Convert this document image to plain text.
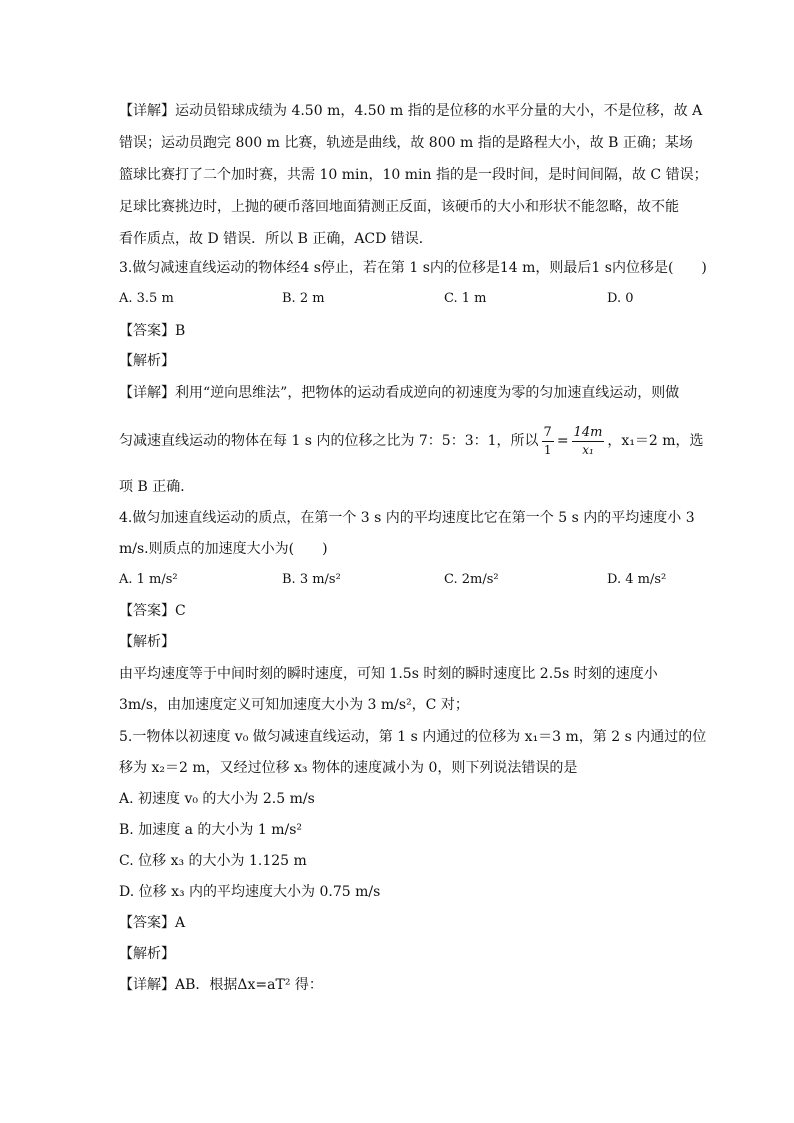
【详解】运动员铅球成绩为 4.50 m，4.50 m 指的是位移的水平分量的大小，不是位移，故 A
错误；运动员跑完 800 m 比赛，轨迹是曲线，故 800 m 指的是路程大小，故 B 正确；某场
篮球比赛打了二个加时赛，共需 10 min，10 min 指的是一段时间，是时间间隔，故 C 错误；
足球比赛挑边时，上抛的硬币落回地面猜测正反面，该硬币的大小和形状不能忽略，故不能
看作质点，故 D 错误．所以 B 正确，ACD 错误．
3.做匀减速直线运动的物体经4 s停止，若在第 1 s内的位移是14 m，则最后1 s内位移是(　　)
A. 3.5 m	B. 2 m	C. 1 m	D. 0
【答案】B
【解析】
【详解】利用“逆向思维法”，把物体的运动看成逆向的初速度为零的匀加速直线运动，则做
匀减速直线运动的物体在每 1 s 内的位移之比为 7：5：3：1，所以 $\frac{7}{1} = \frac{14m}{\text{x₁}}$ ，x₁＝2 m，选
项 B 正确．
4.做匀加速直线运动的质点，在第一个 3 s 内的平均速度比它在第一个 5 s 内的平均速度小 3
m/s.则质点的加速度大小为(　　)
A. 1 m/s²	B. 3 m/s²	C. 2m/s²	D. 4 m/s²
【答案】C
【解析】
由平均速度等于中间时刻的瞬时速度，可知 1.5s 时刻的瞬时速度比 2.5s 时刻的速度小
3m/s，由加速度定义可知加速度大小为 3 m/s²，C 对；
5.一物体以初速度 v₀ 做匀减速直线运动，第 1 s 内通过的位移为 x₁＝3 m，第 2 s 内通过的位
移为 x₂＝2 m，又经过位移 x₃ 物体的速度减小为 0，则下列说法错误的是
A. 初速度 v₀ 的大小为 2.5 m/s
B. 加速度 a 的大小为 1 m/s²
C. 位移 x₃ 的大小为 1.125 m
D. 位移 x₃ 内的平均速度大小为 0.75 m/s
【答案】A
【解析】
【详解】AB．根据Δx=aT² 得：
